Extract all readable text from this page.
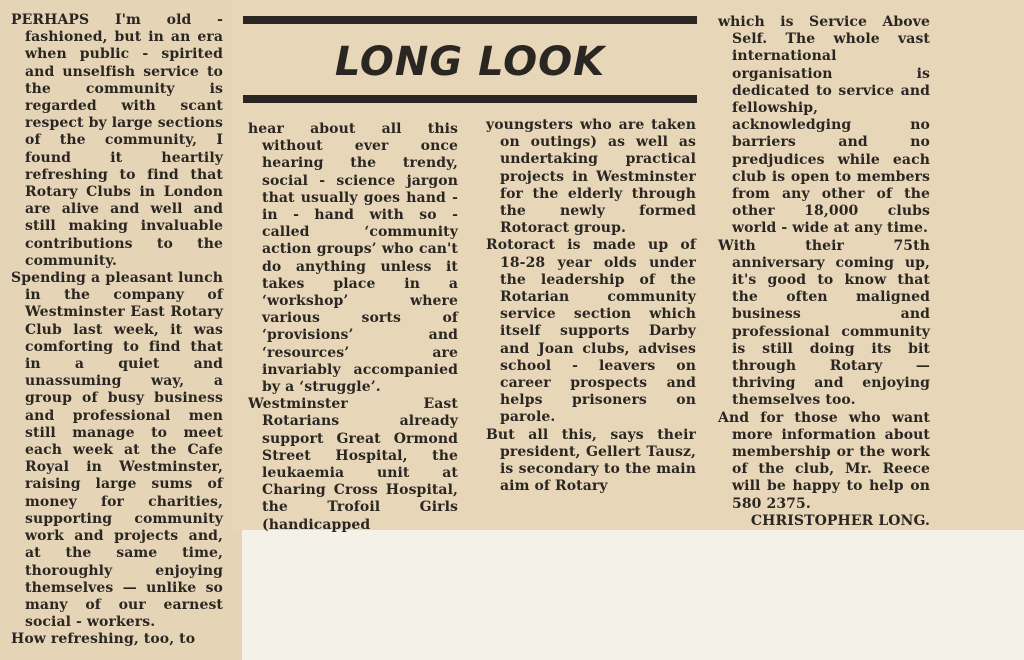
PERHAPS I'm old - fashioned, but in an era when public - spirited and unselfish service to the community is regarded with scant respect by large sections of the community, I found it heartily refreshing to find that Rotary Clubs in London are alive and well and still making invaluable contributions to the community.

Spending a pleasant lunch in the company of Westminster East Rotary Club last week, it was comforting to find that in a quiet and unassuming way, a group of busy business and professional men still manage to meet each week at the Cafe Royal in Westminster, raising large sums of money for charities, supporting community work and projects and, at the same time, thoroughly enjoying themselves — unlike so many of our earnest social - workers.

How refreshing, too, to

LONG LOOK

hear about all this without ever once hearing the trendy, social - science jargon that usually goes hand - in - hand with so - called ‘community action groups’ who can't do anything unless it takes place in a ‘workshop’ where various sorts of ‘provisions’ and ‘resources’ are invariably accompanied by a ‘struggle’.

Westminster East Rotarians already support Great Ormond Street Hospital, the leukaemia unit at Charing Cross Hospital, the Trofoil Girls (handicapped

youngsters who are taken on outings) as well as undertaking practical projects in Westminster for the elderly through the newly formed Rotoract group.

Rotoract is made up of 18-28 year olds under the leadership of the Rotarian community service section which itself supports Darby and Joan clubs, advises school - leavers on career prospects and helps prisoners on parole.

But all this, says their president, Gellert Tausz, is secondary to the main aim of Rotary

which is Service Above Self. The whole vast international organisation is dedicated to service and fellowship, acknowledging no barriers and no predjudices while each club is open to members from any other of the other 18,000 clubs world - wide at any time.

With their 75th anniversary coming up, it's good to know that the often maligned business and professional community is still doing its bit through Rotary — thriving and enjoying themselves too.

And for those who want more information about membership or the work of the club, Mr. Reece will be happy to help on 580 2375.

CHRISTOPHER LONG.
